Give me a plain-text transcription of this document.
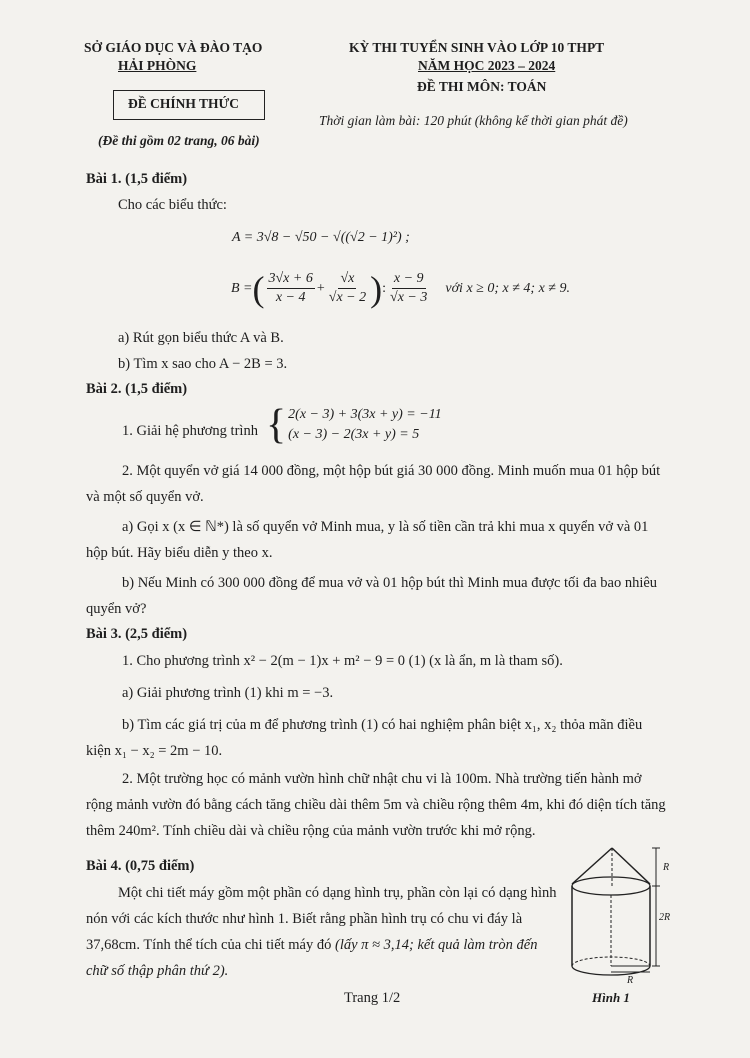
SỞ GIÁO DỤC VÀ ĐÀO TẠO
HẢI PHÒNG
ĐỀ CHÍNH THỨC
(Đề thi gồm 02 trang, 06 bài)
KỲ THI TUYỂN SINH VÀO LỚP 10 THPT
NĂM HỌC 2023 – 2024
ĐỀ THI MÔN: TOÁN
Thời gian làm bài: 120 phút (không kể thời gian phát đề)
Bài 1. (1,5 điểm)
Cho các biểu thức:
A = 3√8 − √50 − √((√2 − 1)²) ;
B = ( $\frac{3√x + 6}{x - 4} + \frac{√x}{√x - 2}$ ) : $\frac{x - 9}{√x - 3}$ với x ≥ 0; x ≠ 4; x ≠ 9.
a) Rút gọn biểu thức A và B.
b) Tìm x sao cho A − 2B = 3.
Bài 2. (1,5 điểm)
1. Giải hệ phương trình { 2(x − 3) + 3(3x + y) = −11
(x − 3) − 2(3x + y) = 5
2. Một quyển vở giá 14 000 đồng, một hộp bút giá 30 000 đồng. Minh muốn mua 01 hộp bút và một số quyển vở.
a) Gọi x (x ∈ ℕ*) là số quyển vở Minh mua, y là số tiền cần trả khi mua x quyển vở và 01 hộp bút. Hãy biểu diễn y theo x.
b) Nếu Minh có 300 000 đồng để mua vở và 01 hộp bút thì Minh mua được tối đa bao nhiêu quyển vở?
Bài 3. (2,5 điểm)
1. Cho phương trình x² − 2(m − 1)x + m² − 9 = 0 (1) (x là ẩn, m là tham số).
a) Giải phương trình (1) khi m = −3.
b) Tìm các giá trị của m để phương trình (1) có hai nghiệm phân biệt x₁, x₂ thỏa mãn điều kiện x₁ − x₂ = 2m − 10.
2. Một trường học có mảnh vườn hình chữ nhật chu vi là 100m. Nhà trường tiến hành mở rộng mảnh vườn đó bằng cách tăng chiều dài thêm 5m và chiều rộng thêm 4m, khi đó diện tích tăng thêm 240m². Tính chiều dài và chiều rộng của mảnh vườn trước khi mở rộng.
Bài 4. (0,75 điểm)
Một chi tiết máy gồm một phần có dạng hình trụ, phần còn lại có dạng hình nón với các kích thước như hình 1. Biết rằng phần hình trụ có chu vi đáy là 37,68cm. Tính thể tích của chi tiết máy đó (lấy π ≈ 3,14; kết quả làm tròn đến chữ số thập phân thứ 2).
R
2R
R
Hình 1
Trang 1/2
